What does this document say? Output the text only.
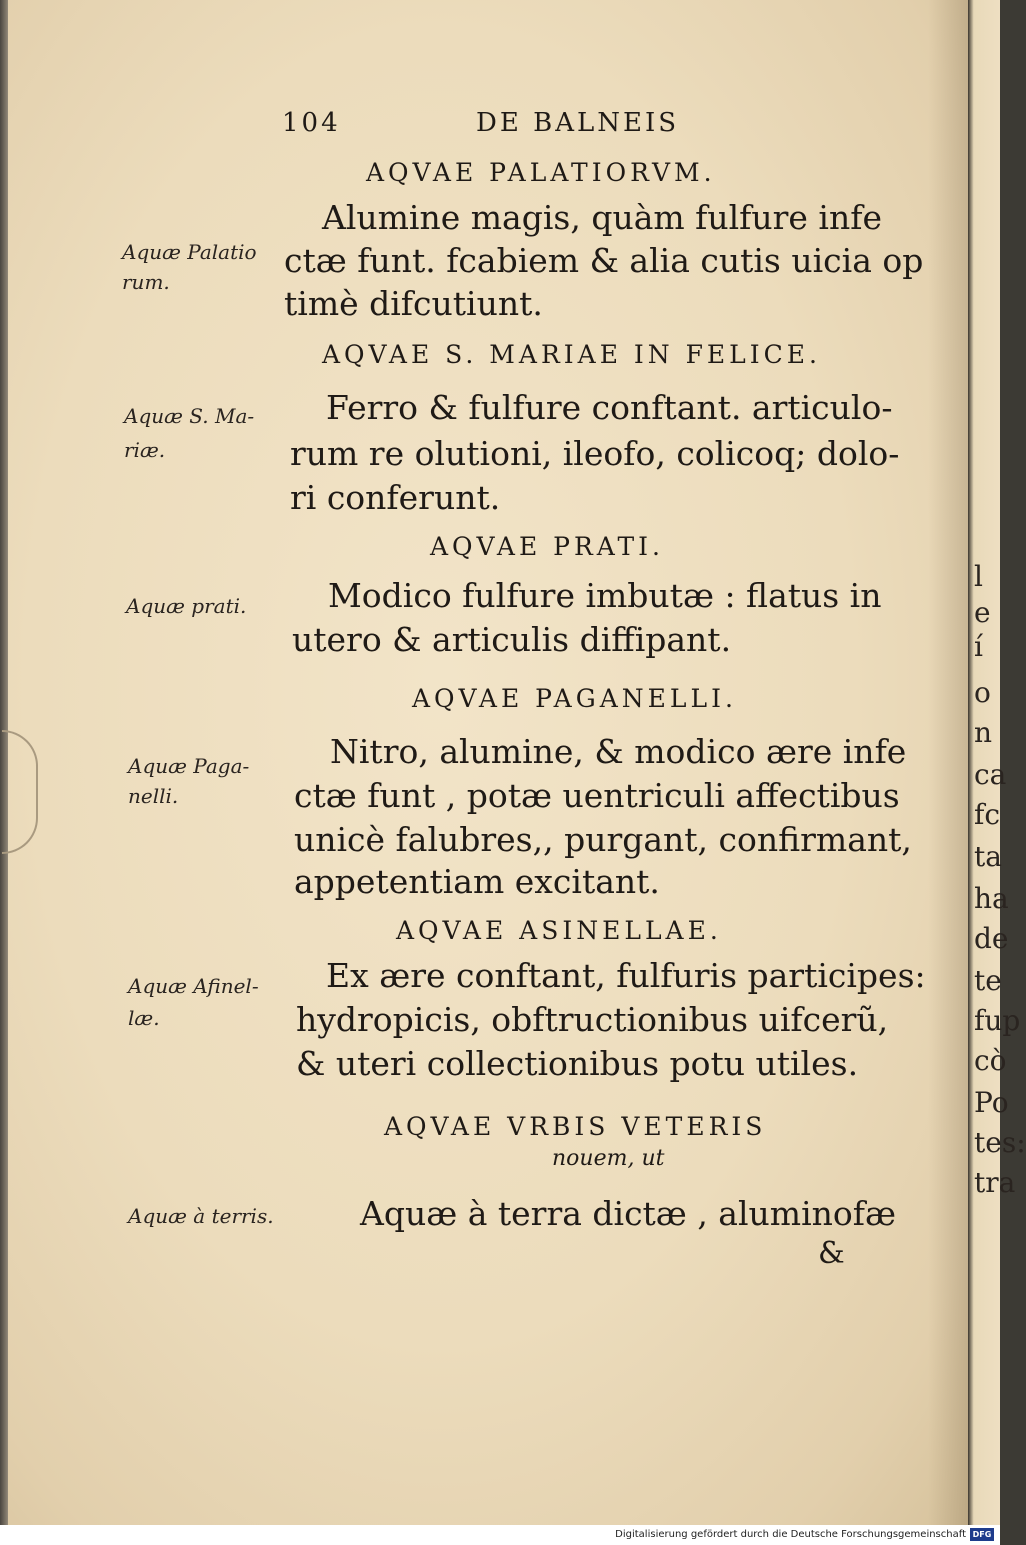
l
e
í
o
n
ca
fc
ta
ha
de
te
fup
cò
Po
tes:
tra

104	DE BALNEIS

AQVAE PALATIORVM.

Alumine magis, quàm fulfure infe

ctæ funt. fcabiem & alia cutis uicia op

timè difcutiunt.

Aquæ Palatio

rum.

AQVAE S. MARIAE IN FELICE.

Ferro & fulfure conftant. articulo-

rum re olutioni, ileofo, colicoq; dolo-

ri conferunt.

Aquæ S. Ma-

riæ.

AQVAE PRATI.

Modico fulfure imbutæ : flatus in

utero & articulis diffipant.

Aquæ prati.

AQVAE PAGANELLI.

Nitro, alumine, & modico ære infe

ctæ funt , potæ uentriculi affectibus

unicè falubres,, purgant, confirmant,

appetentiam excitant.

Aquæ Paga-

nelli.

AQVAE ASINELLAE.

Ex ære conftant, fulfuris participes:

hydropicis, obftructionibus uifcerũ,

& uteri collectionibus potu utiles.

Aquæ Afinel-

læ.

AQVAE VRBIS VETERIS

nouem, ut

Aquæ à terra dictæ , aluminofæ

Aquæ à terris.

&

Digitalisierung gefördert durch die Deutsche Forschungsgemeinschaft DFG
